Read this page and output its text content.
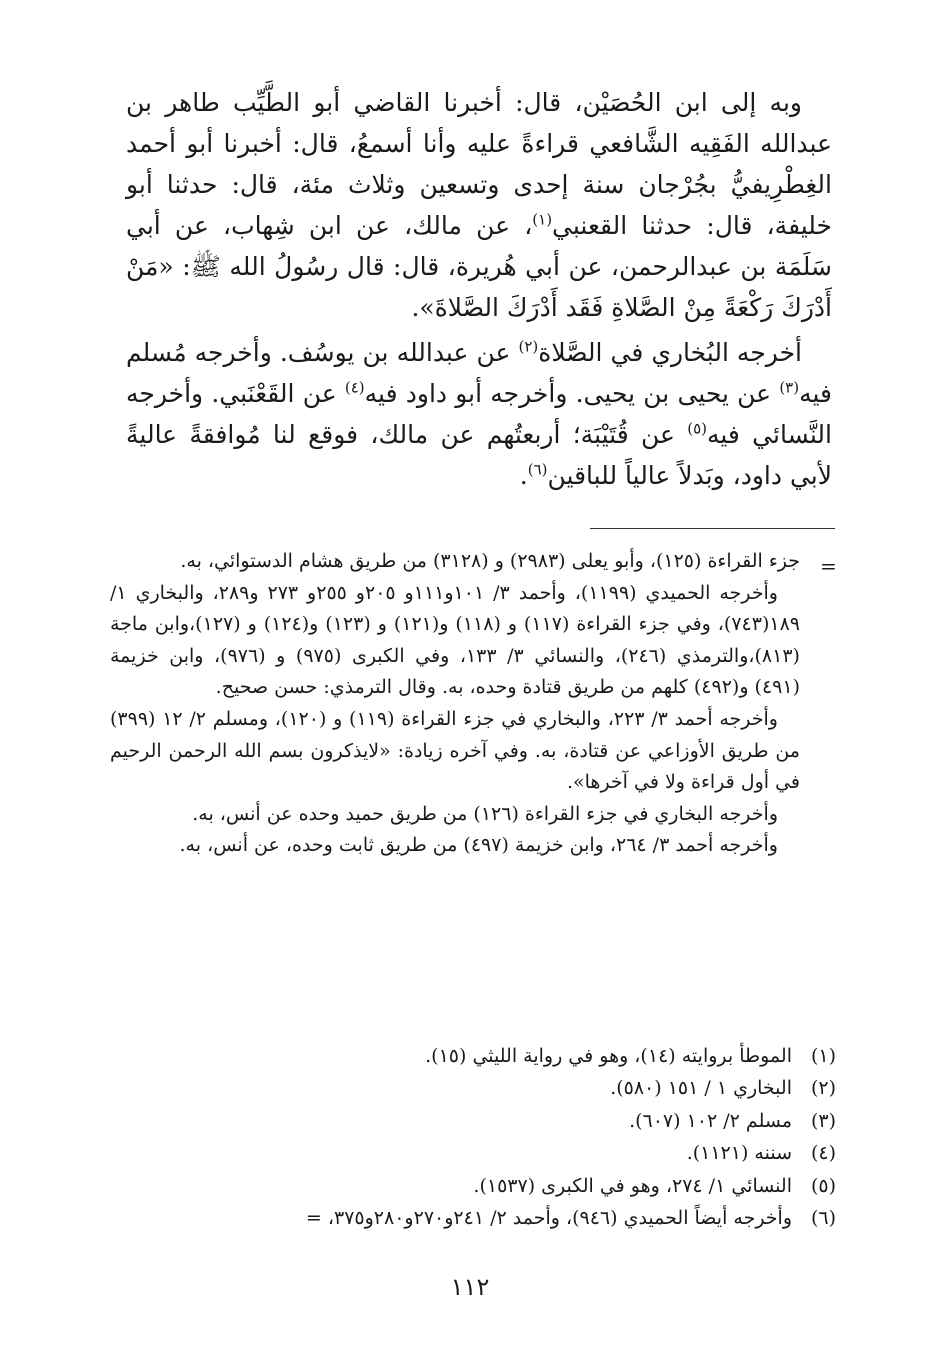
وبه إلى ابن الحُصَيْن، قال: أخبرنا القاضي أبو الطَّيِّب طاهر بن عبدالله الفَقِيه الشَّافعي قراءةً عليه وأنا أسمعُ، قال: أخبرنا أبو أحمد الغِطْرِيفيُّ بجُرْجان سنة إحدى وتسعين وثلاث مئة، قال: حدثنا أبو خليفة، قال: حدثنا القعنبي$^{(١)}$، عن مالك، عن ابن شِهاب، عن أبي سَلَمَة بن عبدالرحمن، عن أبي هُريرة، قال: قال رسُولُ الله ﷺ: «مَنْ أَدْرَكَ رَكْعَةً مِنْ الصَّلاةِ فَقَد أَدْرَكَ الصَّلاةَ».

أخرجه البُخاري في الصَّلاة$^{(٢)}$ عن عبدالله بن يوسُف. وأخرجه مُسلم فيه$^{(٣)}$ عن يحيى بن يحيى. وأخرجه أبو داود فيه$^{(٤)}$ عن القَعْنَبي. وأخرجه النَّسائي فيه$^{(٥)}$ عن قُتَيْبَة؛ أربعتُهم عن مالك، فوقع لنا مُوافقةً عاليةً لأبي داود، وبَدلاً عالياً للباقين$^{(٦)}$.

=

جزء القراءة (١٢٥)، وأبو يعلى (٢٩٨٣) و (٣١٢٨) من طريق هشام الدستوائي، به.

وأخرجه الحميدي (١١٩٩)، وأحمد ٣/ ١٠١و١١١و ٢٠٥و ٢٥٥و ٢٧٣ و٢٨٩، والبخاري ١/ ١٨٩(٧٤٣)، وفي جزء القراءة (١١٧) و (١١٨) و(١٢١) و (١٢٣) و(١٢٤) و (١٢٧)،وابن ماجة (٨١٣)،والترمذي (٢٤٦)، والنسائي ٣/ ١٣٣، وفي الكبرى (٩٧٥) و (٩٧٦)، وابن خزيمة (٤٩١) و(٤٩٢) كلهم من طريق قتادة وحده، به. وقال الترمذي: حسن صحيح.

وأخرجه أحمد ٣/ ٢٢٣، والبخاري في جزء القراءة (١١٩) و (١٢٠)، ومسلم ٢/ ١٢ (٣٩٩) من طريق الأوزاعي عن قتادة، به. وفي آخره زيادة: «لايذكرون بسم الله الرحمن الرحيم في أول قراءة ولا في آخرها».

وأخرجه البخاري في جزء القراءة (١٢٦) من طريق حميد وحده عن أنس، به.

وأخرجه أحمد ٣/ ٢٦٤، وابن خزيمة (٤٩٧) من طريق ثابت وحده، عن أنس، به.

(١)
الموطأ بروايته (١٤)، وهو في رواية الليثي (١٥).
(٢)
البخاري ١ / ١٥١ (٥٨٠).
(٣)
مسلم ٢/ ١٠٢ (٦٠٧).
(٤)
سننه (١١٢١).
(٥)
النسائي ١/ ٢٧٤، وهو في الكبرى (١٥٣٧).
(٦)
وأخرجه أيضاً الحميدي (٩٤٦)، وأحمد ٢/ ٢٤١و٢٧٠و٢٨٠و٣٧٥، =
١١٢
